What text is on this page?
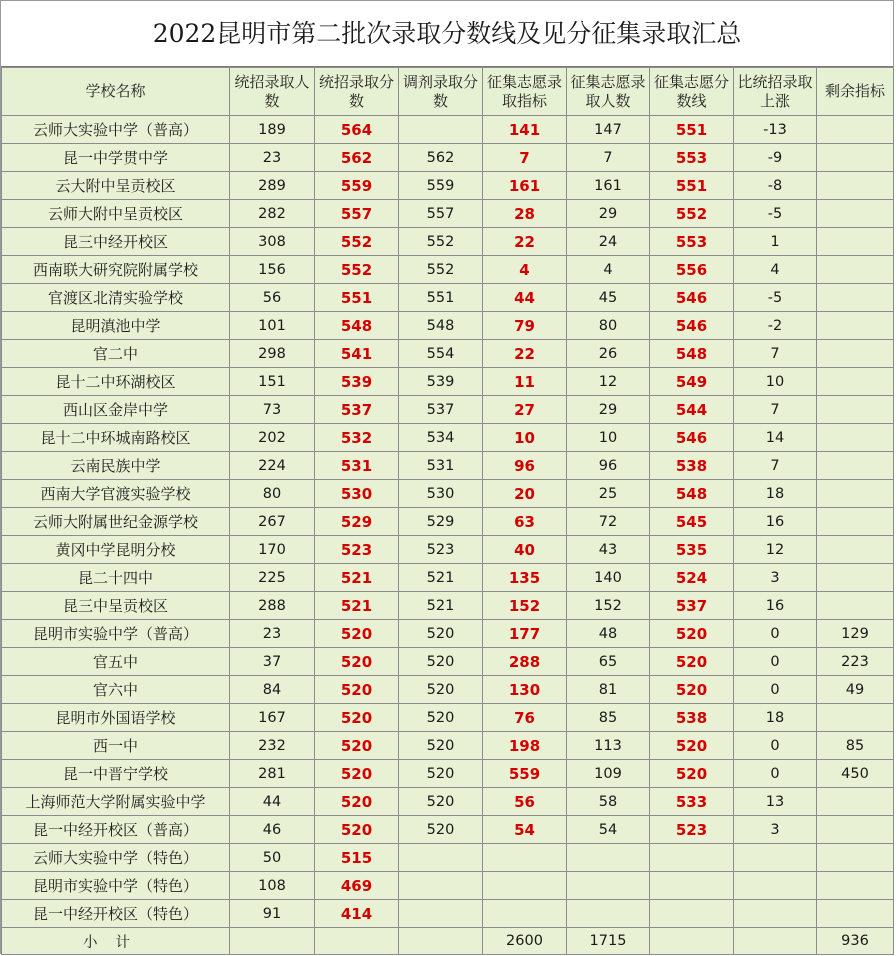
2022昆明市第二批次录取分数线及见分征集录取汇总
学校名称	统招录取人数	统招录取分数	调剂录取分数	征集志愿录取指标	征集志愿录取人数	征集志愿分数线	比统招录取上涨	剩余指标
云师大实验中学（普高）	189	564		141	147	551	-13	
昆一中学贯中学	23	562	562	7	7	553	-9	
云大附中呈贡校区	289	559	559	161	161	551	-8	
云师大附中呈贡校区	282	557	557	28	29	552	-5	
昆三中经开校区	308	552	552	22	24	553	1	
西南联大研究院附属学校	156	552	552	4	4	556	4	
官渡区北清实验学校	56	551	551	44	45	546	-5	
昆明滇池中学	101	548	548	79	80	546	-2	
官二中	298	541	554	22	26	548	7	
昆十二中环湖校区	151	539	539	11	12	549	10	
西山区金岸中学	73	537	537	27	29	544	7	
昆十二中环城南路校区	202	532	534	10	10	546	14	
云南民族中学	224	531	531	96	96	538	7	
西南大学官渡实验学校	80	530	530	20	25	548	18	
云师大附属世纪金源学校	267	529	529	63	72	545	16	
黄冈中学昆明分校	170	523	523	40	43	535	12	
昆二十四中	225	521	521	135	140	524	3	
昆三中呈贡校区	288	521	521	152	152	537	16	
昆明市实验中学（普高）	23	520	520	177	48	520	0	129
官五中	37	520	520	288	65	520	0	223
官六中	84	520	520	130	81	520	0	49
昆明市外国语学校	167	520	520	76	85	538	18	
西一中	232	520	520	198	113	520	0	85
昆一中晋宁学校	281	520	520	559	109	520	0	450
上海师范大学附属实验中学	44	520	520	56	58	533	13	
昆一中经开校区（普高）	46	520	520	54	54	523	3	
云师大实验中学（特色）	50	515						
昆明市实验中学（特色）	108	469						
昆一中经开校区（特色）	91	414						
小计				2600	1715			936
